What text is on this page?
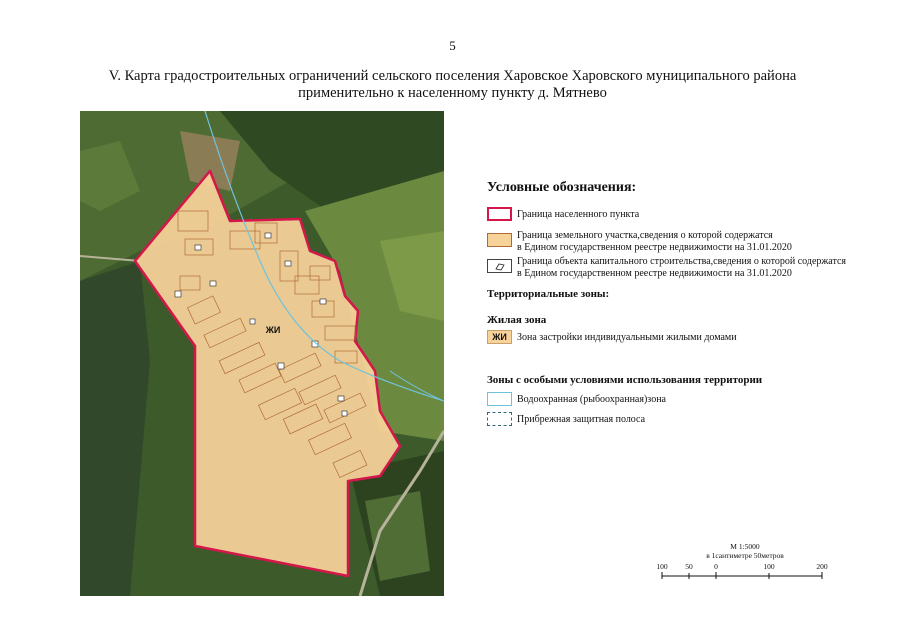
5
V. Карта градостроительных ограничений сельского поселения Харовское Харовского муниципального района
применительно к населенному пункту д. Мятнево
ЖИ
Условные обозначения:
Граница населенного пункта
Граница земельного участка,сведения о которой содержатся
в Едином государственном реестре недвижимости на 31.01.2020
Граница объекта капитального строительства,сведения о которой содержатся
в Едином государственном реестре недвижимости на 31.01.2020
Территориальные зоны:
Жилая зона
ЖИ	Зона застройки индивидуальными жилыми домами
Зоны с особыми условиями использования территории
Водоохранная (рыбоохранная)зона
Прибрежная защитная полоса
М 1:5000
в 1сантиметре 50метров
100 50	0	100	200
